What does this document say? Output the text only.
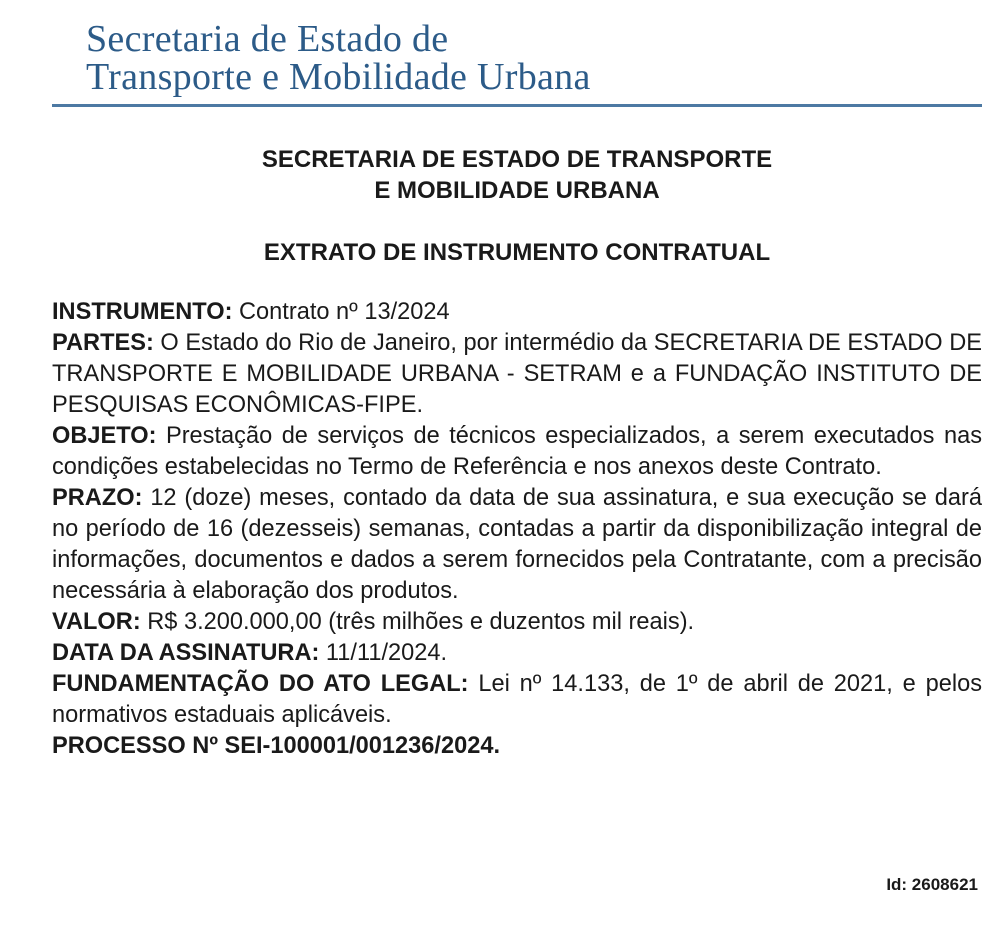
Secretaria de Estado de
Transporte e Mobilidade Urbana
SECRETARIA DE ESTADO DE TRANSPORTE
E MOBILIDADE URBANA
EXTRATO DE INSTRUMENTO CONTRATUAL

INSTRUMENTO: Contrato nº 13/2024

PARTES: O Estado do Rio de Janeiro, por intermédio da SECRETARIA DE ESTADO DE TRANSPORTE E MOBILIDADE URBANA - SETRAM e a FUNDAÇÃO INSTITUTO DE PESQUISAS ECONÔMICAS-FIPE.

OBJETO: Prestação de serviços de técnicos especializados, a serem executados nas condições estabelecidas no Termo de Referência e nos anexos deste Contrato.

PRAZO: 12 (doze) meses, contado da data de sua assinatura, e sua execução se dará no período de 16 (dezesseis) semanas, contadas a partir da disponibilização integral de informações, documentos e dados a serem fornecidos pela Contratante, com a precisão necessária à elaboração dos produtos.

VALOR: R$ 3.200.000,00 (três milhões e duzentos mil reais).

DATA DA ASSINATURA: 11/11/2024.

FUNDAMENTAÇÃO DO ATO LEGAL: Lei nº 14.133, de 1º de abril de 2021, e pelos normativos estaduais aplicáveis.

PROCESSO Nº SEI-100001/001236/2024.

Id: 2608621
